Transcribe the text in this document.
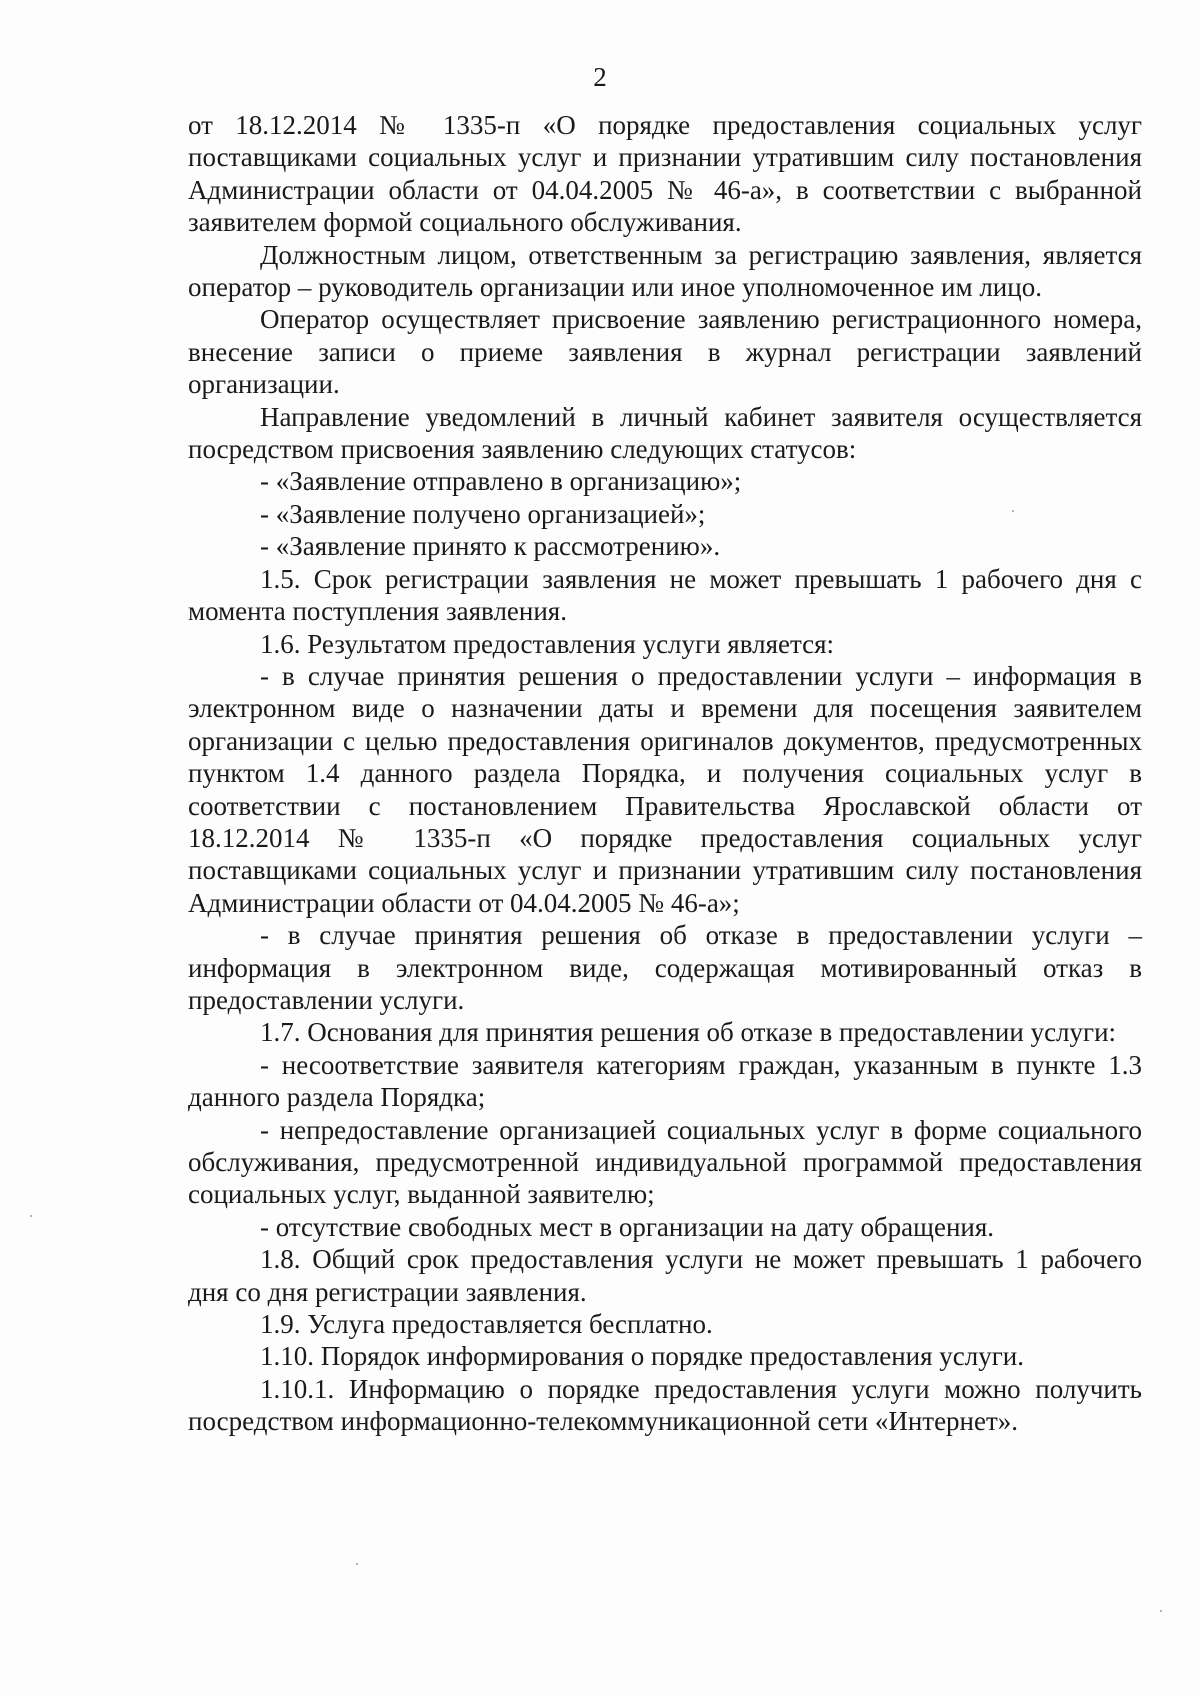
2

от 18.12.2014 № 1335-п «О порядке предоставления социальных услуг поставщиками социальных услуг и признании утратившим силу постановления Администрации области от 04.04.2005 № 46-а», в соответствии с выбранной заявителем формой социального обслуживания.

Должностным лицом, ответственным за регистрацию заявления, является оператор – руководитель организации или иное уполномоченное им лицо.

Оператор осуществляет присвоение заявлению регистрационного номера, внесение записи о приеме заявления в журнал регистрации заявлений организации.

Направление уведомлений в личный кабинет заявителя осуществляется посредством присвоения заявлению следующих статусов:

- «Заявление отправлено в организацию»;

- «Заявление получено организацией»;

- «Заявление принято к рассмотрению».

1.5. Срок регистрации заявления не может превышать 1 рабочего дня с момента поступления заявления.

1.6. Результатом предоставления услуги является:

- в случае принятия решения о предоставлении услуги – информация в электронном виде о назначении даты и времени для посещения заявителем организации с целью предоставления оригиналов документов, предусмотренных пунктом 1.4 данного раздела Порядка, и получения социальных услуг в соответствии с постановлением Правительства Ярославской области от 18.12.2014 № 1335-п «О порядке предоставления социальных услуг поставщиками социальных услуг и признании утратившим силу постановления Администрации области от 04.04.2005 № 46-а»;

- в случае принятия решения об отказе в предоставлении услуги – информация в электронном виде, содержащая мотивированный отказ в предоставлении услуги.

1.7. Основания для принятия решения об отказе в предоставлении услуги:

- несоответствие заявителя категориям граждан, указанным в пункте 1.3 данного раздела Порядка;

- непредоставление организацией социальных услуг в форме социального обслуживания, предусмотренной индивидуальной программой предоставления социальных услуг, выданной заявителю;

- отсутствие свободных мест в организации на дату обращения.

1.8. Общий срок предоставления услуги не может превышать 1 рабочего дня со дня регистрации заявления.

1.9. Услуга предоставляется бесплатно.

1.10. Порядок информирования о порядке предоставления услуги.

1.10.1. Информацию о порядке предоставления услуги можно получить посредством информационно-телекоммуникационной сети «Интернет».
